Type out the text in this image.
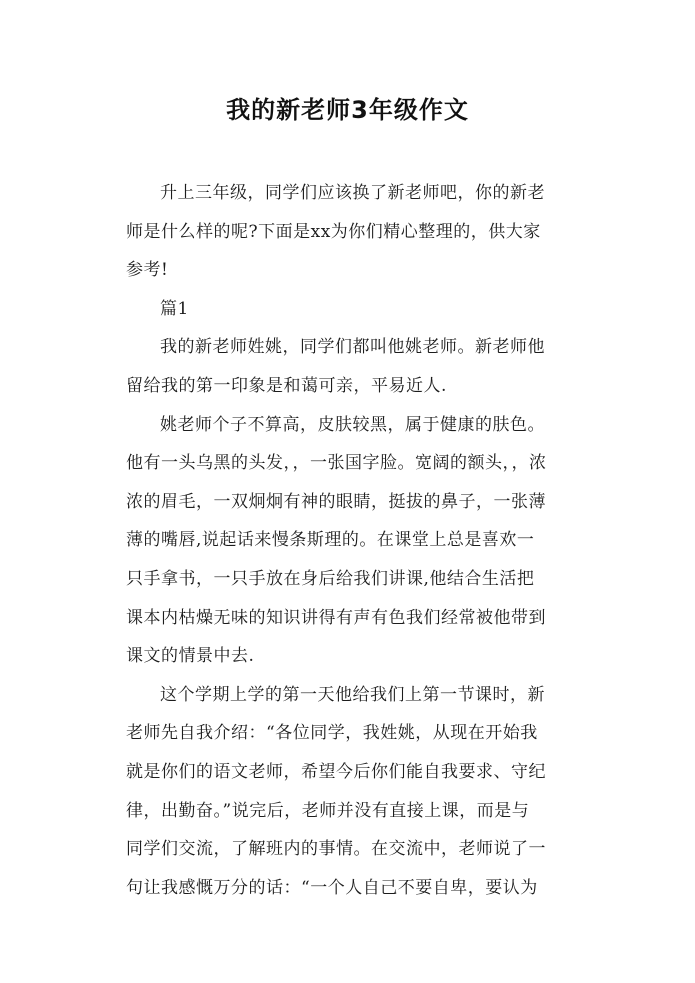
我的新老师3年级作文
升上三年级，同学们应该换了新老师吧，你的新老
师是什么样的呢?下面是xx为你们精心整理的，供大家
参考!
篇1
我的新老师姓姚，同学们都叫他姚老师。新老师他
留给我的第一印象是和蔼可亲，平易近人.
姚老师个子不算高，皮肤较黑，属于健康的肤色。
他有一头乌黑的头发，，一张国字脸。宽阔的额头，，浓
浓的眉毛，一双炯炯有神的眼睛，挺拔的鼻子，一张薄
薄的嘴唇,说起话来慢条斯理的。在课堂上总是喜欢一
只手拿书，一只手放在身后给我们讲课,他结合生活把
课本内枯燥无味的知识讲得有声有色我们经常被他带到
课文的情景中去.
这个学期上学的第一天他给我们上第一节课时，新
老师先自我介绍：“各位同学，我姓姚，从现在开始我
就是你们的语文老师，希望今后你们能自我要求、守纪
律，出勤奋。”说完后，老师并没有直接上课，而是与
同学们交流，了解班内的事情。在交流中，老师说了一
句让我感慨万分的话：“一个人自己不要自卑，要认为
